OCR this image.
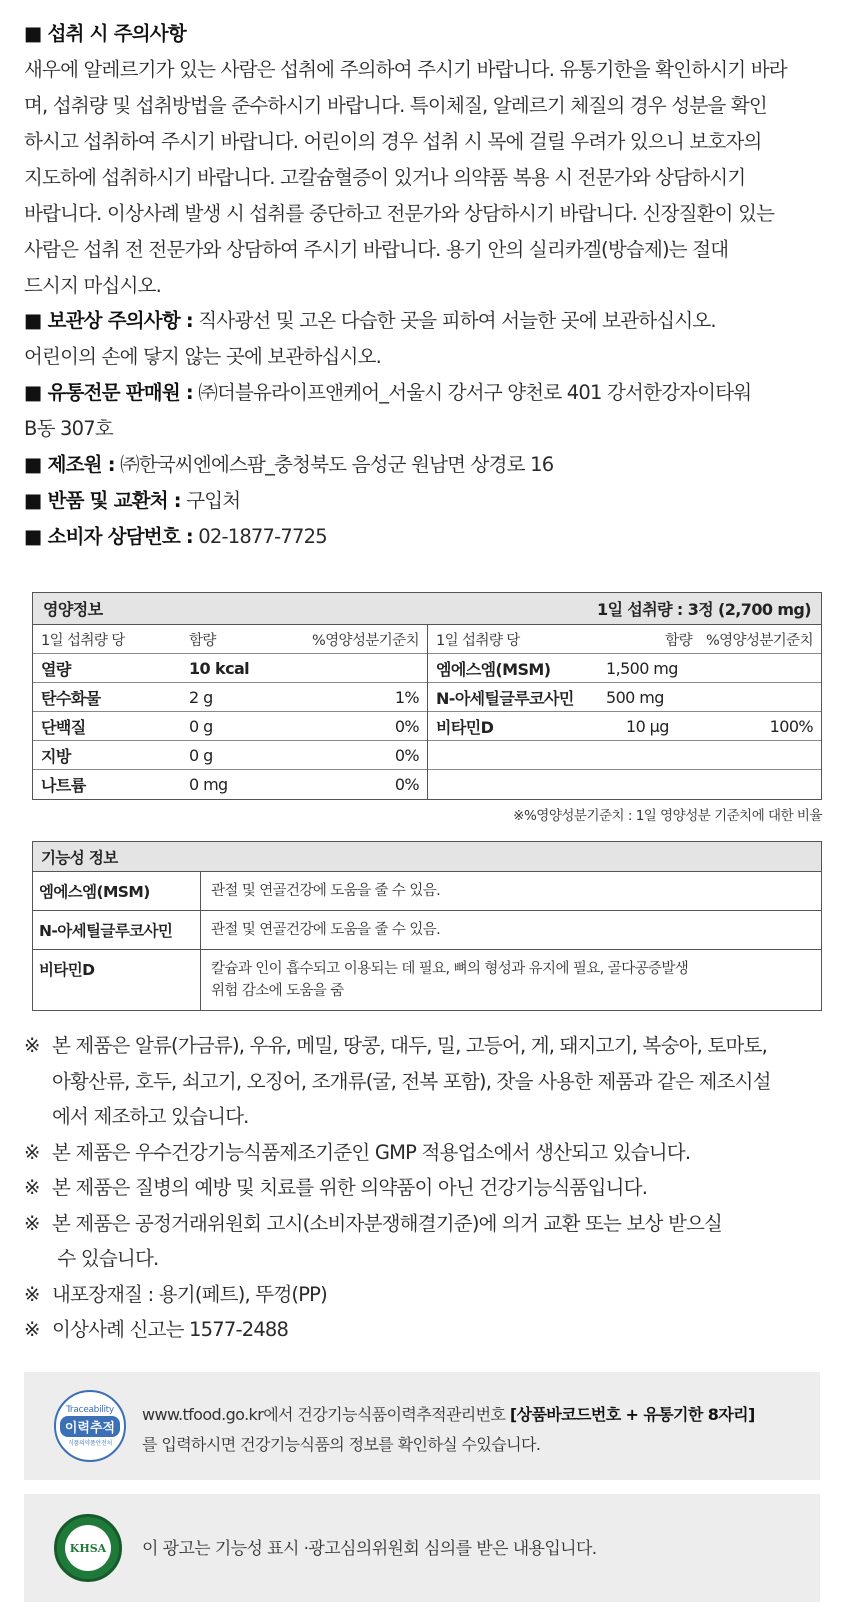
■ 섭취 시 주의사항
새우에 알레르기가 있는 사람은 섭취에 주의하여 주시기 바랍니다. 유통기한을 확인하시기 바라
며, 섭취량 및 섭취방법을 준수하시기 바랍니다. 특이체질, 알레르기 체질의 경우 성분을 확인
하시고 섭취하여 주시기 바랍니다. 어린이의 경우 섭취 시 목에 걸릴 우려가 있으니 보호자의
지도하에 섭취하시기 바랍니다. 고칼슘혈증이 있거나 의약품 복용 시 전문가와 상담하시기
바랍니다. 이상사례 발생 시 섭취를 중단하고 전문가와 상담하시기 바랍니다. 신장질환이 있는
사람은 섭취 전 전문가와 상담하여 주시기 바랍니다. 용기 안의 실리카겔(방습제)는 절대
드시지 마십시오.
■ 보관상 주의사항 : 직사광선 및 고온 다습한 곳을 피하여 서늘한 곳에 보관하십시오.
어린이의 손에 닿지 않는 곳에 보관하십시오.
■ 유통전문 판매원 : ㈜더블유라이프앤케어_서울시 강서구 양천로 401 강서한강자이타워
B동 307호
■ 제조원 : ㈜한국씨엔에스팜_충청북도 음성군 원남면 상경로 16
■ 반품 및 교환처 : 구입처
■ 소비자 상담번호 : 02-1877-7725
영양정보	1일 섭취량 : 3정 (2,700 mg)
1일 섭취량 당	함량	%영양성분기준치
열량	10 kcal
탄수화물	2 g	1%
단백질	0 g	0%
지방	0 g	0%
나트륨	0 mg	0%
1일 섭취량 당	함량 %영양성분기준치
엠에스엠(MSM)	1,500 mg
N-아세틸글루코사민	500 mg
비타민D	10 μg	100%
※%영양성분기준치 : 1일 영양성분 기준치에 대한 비율
기능성 정보
엠에스엠(MSM)	관절 및 연골건강에 도움을 줄 수 있음.
N-아세틸글루코사민	관절 및 연골건강에 도움을 줄 수 있음.
비타민D	칼슘과 인이 흡수되고 이용되는 데 필요, 뼈의 형성과 유지에 필요, 골다공증발생 위험 감소에 도움을 줌
※ 본 제품은 알류(가금류), 우유, 메밀, 땅콩, 대두, 밀, 고등어, 게, 돼지고기, 복숭아, 토마토,
아황산류, 호두, 쇠고기, 오징어, 조개류(굴, 전복 포함), 잣을 사용한 제품과 같은 제조시설
에서 제조하고 있습니다.
※ 본 제품은 우수건강기능식품제조기준인 GMP 적용업소에서 생산되고 있습니다.
※ 본 제품은 질병의 예방 및 치료를 위한 의약품이 아닌 건강기능식품입니다.
※ 본 제품은 공정거래위원회 고시(소비자분쟁해결기준)에 의거 교환 또는 보상 받으실
수 있습니다.
※ 내포장재질 : 용기(페트), 뚜껑(PP)
※ 이상사례 신고는 1577-2488
Traceability
이력추적
식품의약품안전처
www.tfood.go.kr에서 건강기능식품이력추적관리번호 [상품바코드번호 + 유통기한 8자리]
를 입력하시면 건강기능식품의 정보를 확인하실 수있습니다.
KHSA 이 광고는 기능성 표시 ·광고심의위원회 심의를 받은 내용입니다.
